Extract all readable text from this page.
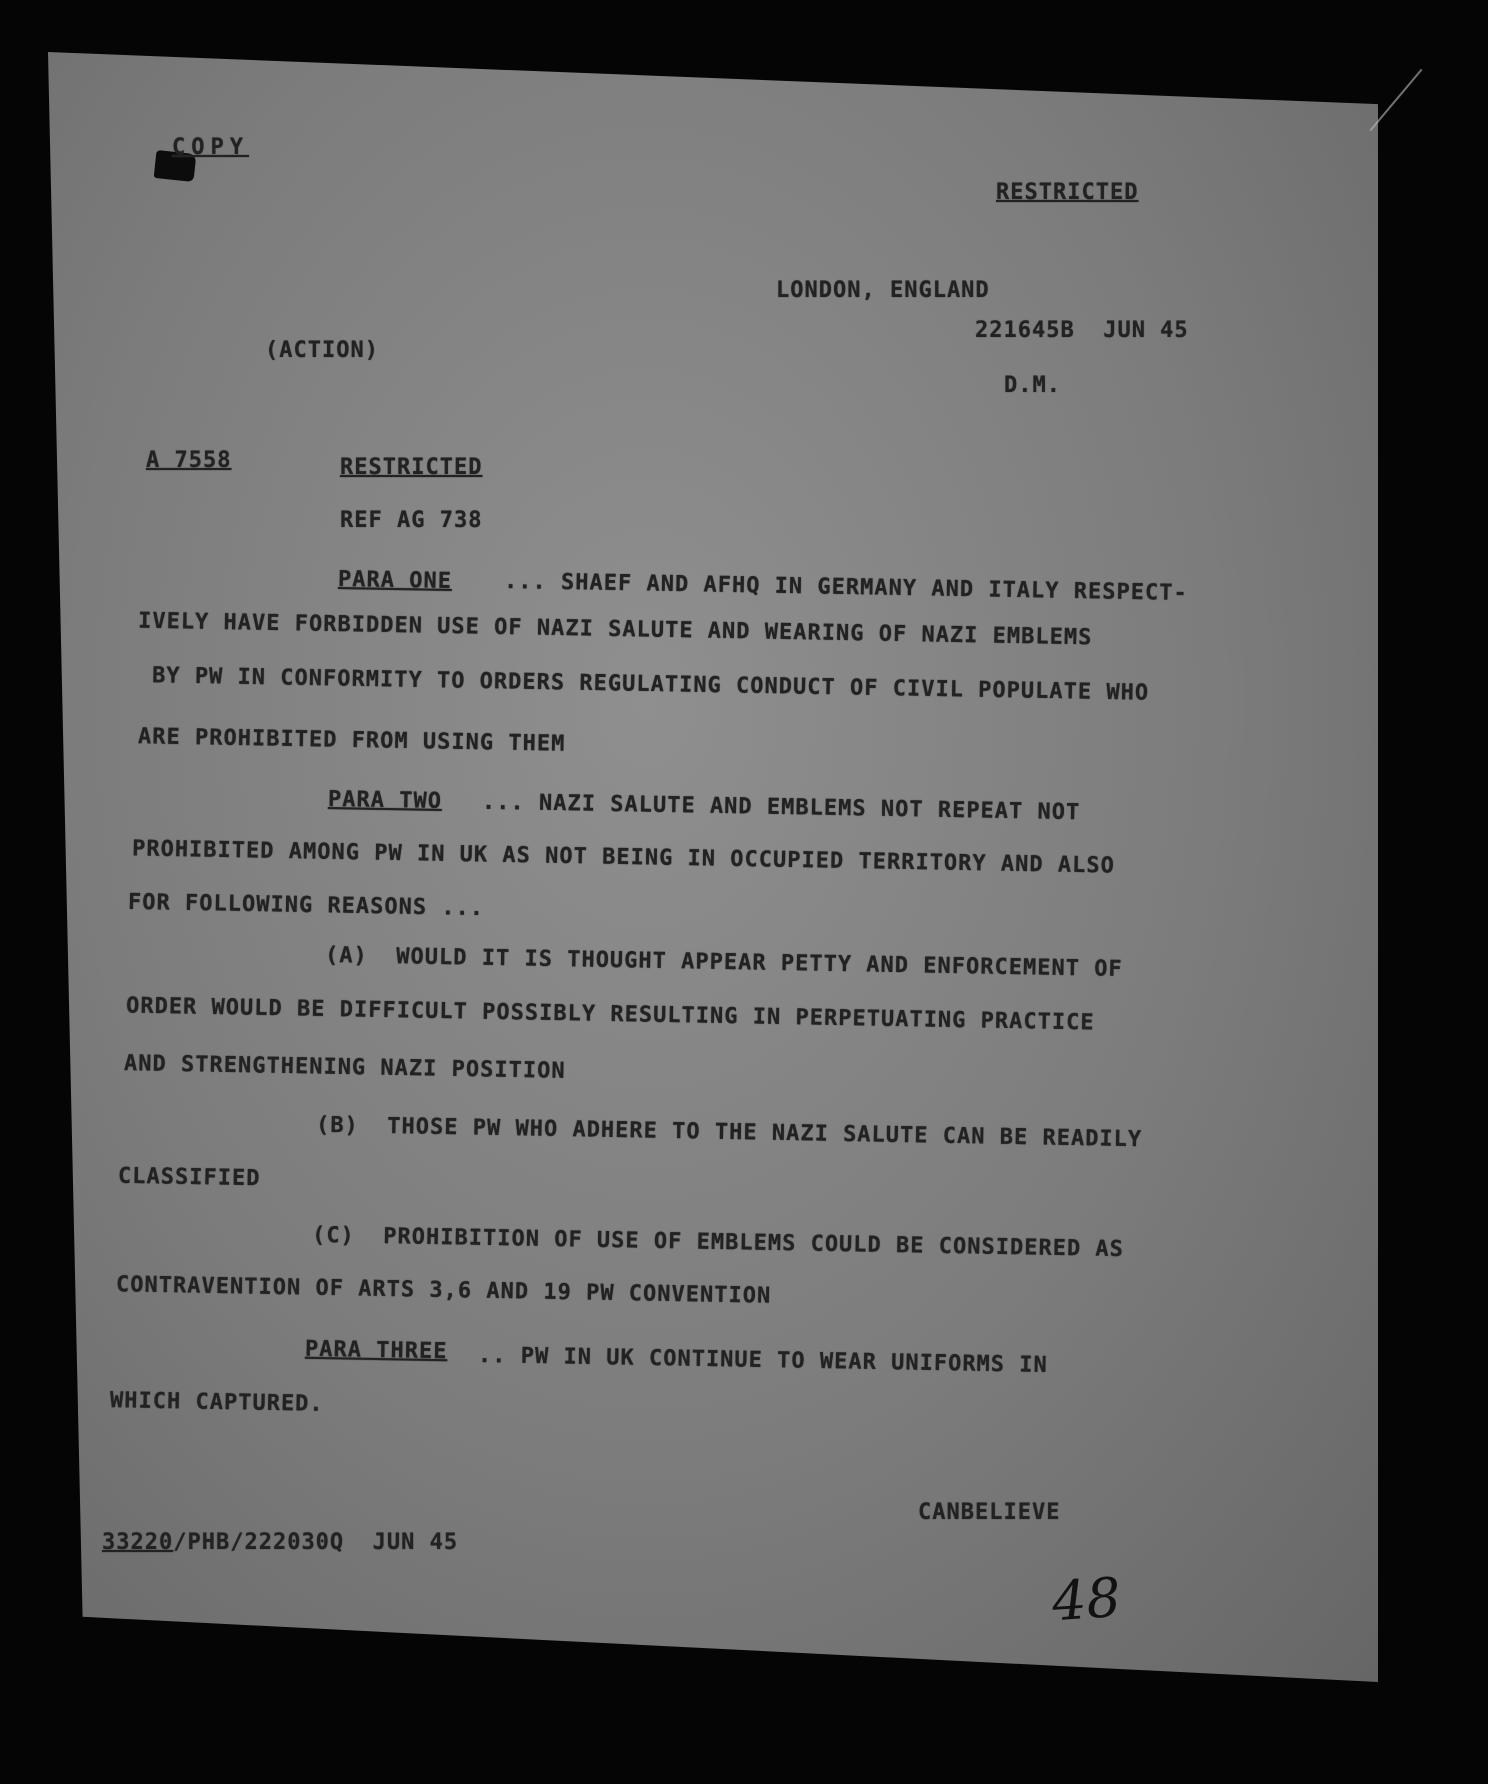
COPY
RESTRICTED
LONDON, ENGLAND
221645B  JUN 45
(ACTION)
D.M.
A 7558	RESTRICTED
REF AG 738
PARA ONE ... SHAEF AND AFHQ IN GERMANY AND ITALY RESPECT-
IVELY HAVE FORBIDDEN USE OF NAZI SALUTE AND WEARING OF NAZI EMBLEMS
BY PW IN CONFORMITY TO ORDERS REGULATING CONDUCT OF CIVIL POPULATE WHO
ARE PROHIBITED FROM USING THEM
PARA TWO ... NAZI SALUTE AND EMBLEMS NOT REPEAT NOT
PROHIBITED AMONG PW IN UK AS NOT BEING IN OCCUPIED TERRITORY AND ALSO
FOR FOLLOWING REASONS ...
(A)  WOULD IT IS THOUGHT APPEAR PETTY AND ENFORCEMENT OF
ORDER WOULD BE DIFFICULT POSSIBLY RESULTING IN PERPETUATING PRACTICE
AND STRENGTHENING NAZI POSITION
(B)  THOSE PW WHO ADHERE TO THE NAZI SALUTE CAN BE READILY
CLASSIFIED
(C)  PROHIBITION OF USE OF EMBLEMS COULD BE CONSIDERED AS
CONTRAVENTION OF ARTS 3,6 AND 19 PW CONVENTION
PARA THREE .. PW IN UK CONTINUE TO WEAR UNIFORMS IN
WHICH CAPTURED.
CANBELIEVE
33220/PHB/222030Q  JUN 45
48
